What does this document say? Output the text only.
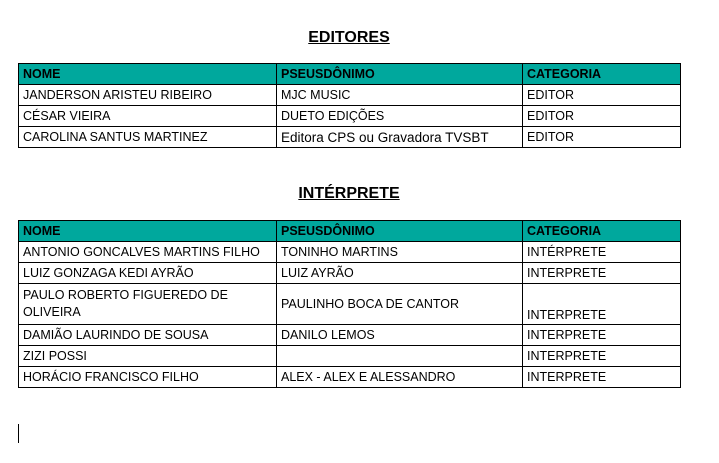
EDITORES
NOME	PSEUSDÔNIMO	CATEGORIA
JANDERSON ARISTEU RIBEIRO	MJC MUSIC	EDITOR
CÉSAR VIEIRA	DUETO EDIÇÕES	EDITOR
CAROLINA SANTUS MARTINEZ	Editora CPS ou Gravadora TVSBT	EDITOR
INTÉRPRETE
NOME	PSEUSDÔNIMO	CATEGORIA
ANTONIO GONCALVES MARTINS FILHO	TONINHO MARTINS	INTÉRPRETE
LUIZ GONZAGA KEDI AYRÃO	LUIZ AYRÃO	INTERPRETE
PAULO ROBERTO FIGUEREDO DE OLIVEIRA	PAULINHO BOCA DE CANTOR	INTERPRETE
DAMIÃO LAURINDO DE SOUSA	DANILO LEMOS	INTERPRETE
ZIZI POSSI		INTERPRETE
HORÁCIO FRANCISCO FILHO	ALEX - ALEX E ALESSANDRO	INTERPRETE
